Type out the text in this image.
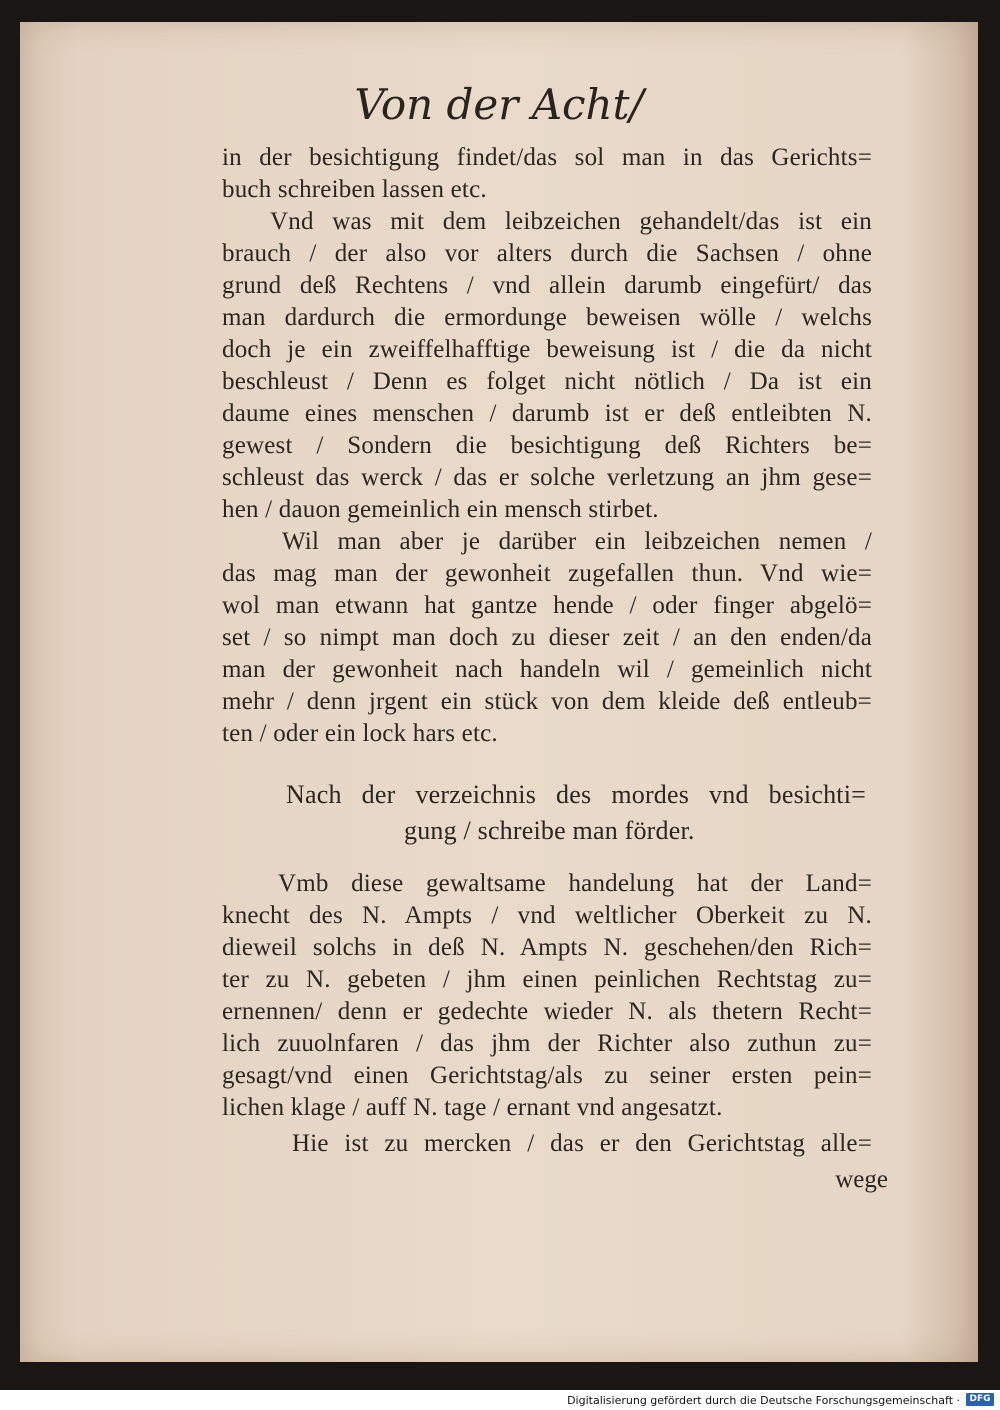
Von der Acht/
in der besichtigung findet/das sol man in das Gerichts=
buch schreiben lassen etc.
Vnd was mit dem leibzeichen gehandelt/das ist ein
brauch / der also vor alters durch die Sachsen / ohne
grund deß Rechtens / vnd allein darumb eingefürt/ das
man dardurch die ermordunge beweisen wölle / welchs
doch je ein zweiffelhafftige beweisung ist / die da nicht
beschleust / Denn es folget nicht nötlich / Da ist ein
daume eines menschen / darumb ist er deß entleibten N.
gewest / Sondern die besichtigung deß Richters be=
schleust das werck / das er solche verletzung an jhm gese=
hen / dauon gemeinlich ein mensch stirbet.
Wil man aber je darüber ein leibzeichen nemen /
das mag man der gewonheit zugefallen thun. Vnd wie=
wol man etwann hat gantze hende / oder finger abgelö=
set / so nimpt man doch zu dieser zeit / an den enden/da
man der gewonheit nach handeln wil / gemeinlich nicht
mehr / denn jrgent ein stück von dem kleide deß entleub=
ten / oder ein lock hars etc.
Nach der verzeichnis des mordes vnd besichti=
gung / schreibe man förder.
Vmb diese gewaltsame handelung hat der Land=
knecht des N. Ampts / vnd weltlicher Oberkeit zu N.
dieweil solchs in deß N. Ampts N. geschehen/den Rich=
ter zu N. gebeten / jhm einen peinlichen Rechtstag zu=
ernennen/ denn er gedechte wieder N. als thetern Recht=
lich zuuolnfaren / das jhm der Richter also zuthun zu=
gesagt/vnd einen Gerichtstag/als zu seiner ersten pein=
lichen klage / auff N. tage / ernant vnd angesatzt.
Hie ist zu mercken / das er den Gerichtstag alle=
wege
Digitalisierung gefördert durch die Deutsche Forschungsgemeinschaft ·	DFG
